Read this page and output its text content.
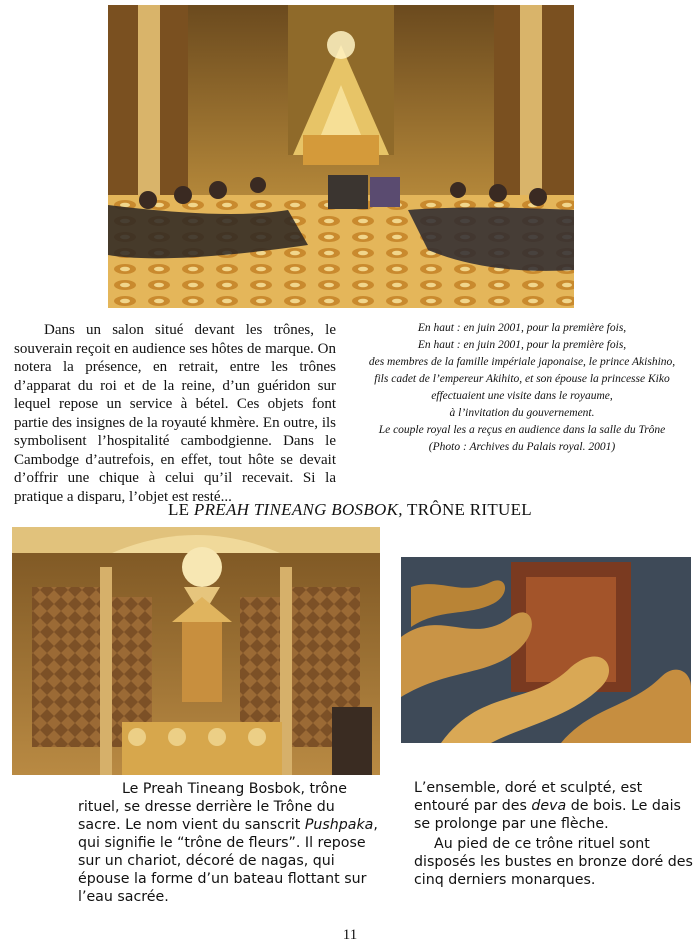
Dans un salon situé devant les trônes, le souverain reçoit en audience ses hôtes de marque. On notera la présence, en retrait, entre les trônes d’apparat du roi et de la reine, d’un guéridon sur lequel repose un service à bétel. Ces objets font partie des insignes de la royauté khmère. En outre, ils symbolisent l’hospitalité cambodgienne. Dans le Cambodge d’autrefois, en effet, tout hôte se devait d’offrir une chique à celui qu’il recevait. Si la pratique a disparu, l’objet est resté...

En haut : en juin 2001, pour la première fois,
En haut : en juin 2001, pour la première fois,
des membres de la famille impériale japonaise, le prince Akishino,
fils cadet de l’empereur Akihito, et son épouse la princesse Kiko
effectuaient une visite dans le royaume,
à l’invitation du gouvernement.
Le couple royal les a reçus en audience dans la salle du Trône
(Photo : Archives du Palais royal. 2001)
LE PREAH TINEANG BOSBOK, TRÔNE RITUEL

Le Preah Tineang Bosbok, trône rituel, se dresse derrière le Trône du sacre. Le nom vient du sanscrit Pushpaka, qui signifie le “trône de fleurs”. Il repose sur un chariot, décoré de nagas, qui épouse la forme d’un bateau flottant sur l’eau sacrée.

L’ensemble, doré et sculpté, est entouré par des deva de bois. Le dais se prolonge par une flèche.

Au pied de ce trône rituel sont disposés les bustes en bronze doré des cinq derniers monarques.

11
